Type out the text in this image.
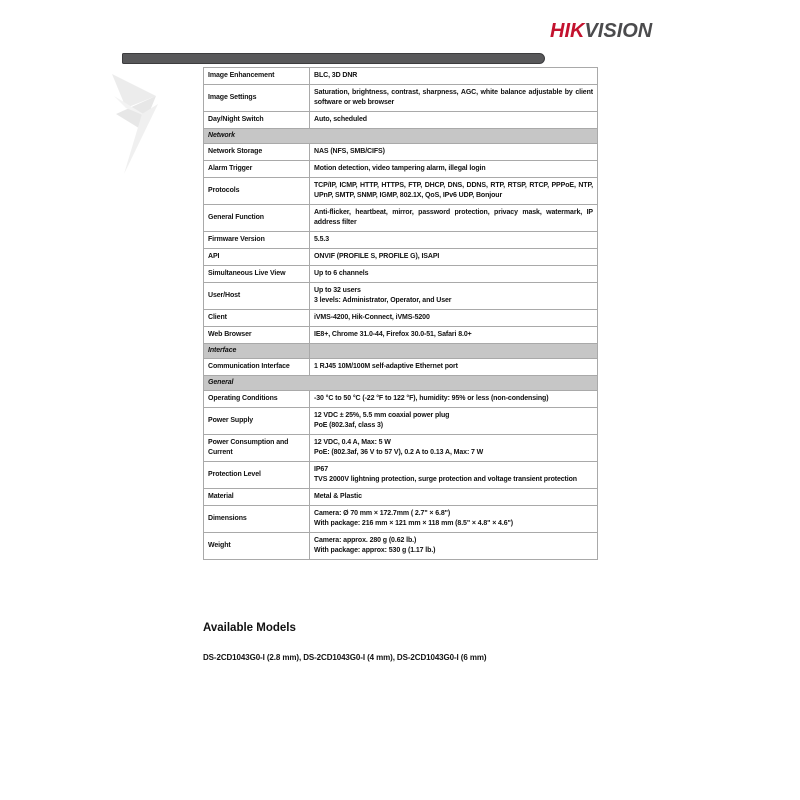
HIKVISION
Image Enhancement	BLC, 3D DNR
Image Settings	Saturation, brightness, contrast, sharpness, AGC, white balance adjustable by client software or web browser
Day/Night Switch	Auto, scheduled
Network	
Network Storage	NAS (NFS, SMB/CIFS)
Alarm Trigger	Motion detection, video tampering alarm, illegal login
Protocols	TCP/IP, ICMP, HTTP, HTTPS, FTP, DHCP, DNS, DDNS, RTP, RTSP, RTCP, PPPoE, NTP, UPnP, SMTP, SNMP, IGMP, 802.1X, QoS, IPv6 UDP, Bonjour
General Function	Anti-flicker, heartbeat, mirror, password protection, privacy mask, watermark, IP address filter
Firmware Version	5.5.3
API	ONVIF (PROFILE S, PROFILE G), ISAPI
Simultaneous Live View	Up to 6 channels
User/Host	Up to 32 users
3 levels: Administrator, Operator, and User
Client	iVMS-4200, Hik-Connect, iVMS-5200
Web Browser	IE8+, Chrome 31.0-44, Firefox 30.0-51, Safari 8.0+
Interface	
Communication Interface	1 RJ45 10M/100M self-adaptive Ethernet port
General	
Operating Conditions	-30 °C to 50 °C (-22 °F to 122 °F), humidity: 95% or less (non-condensing)
Power Supply	12 VDC ± 25%, 5.5 mm coaxial power plug
PoE (802.3af, class 3)
Power Consumption and Current	12 VDC, 0.4 A, Max: 5 W
PoE: (802.3af, 36 V to 57 V), 0.2 A to 0.13 A, Max: 7 W
Protection Level	IP67
TVS 2000V lightning protection, surge protection and voltage transient protection
Material	Metal & Plastic
Dimensions	Camera: Ø 70 mm × 172.7mm ( 2.7" × 6.8")
With package: 216 mm × 121 mm × 118 mm (8.5" × 4.8" × 4.6")
Weight	Camera: approx. 280 g (0.62 lb.)
With package: approx: 530 g (1.17 lb.)
Available Models
DS-2CD1043G0-I (2.8 mm), DS-2CD1043G0-I (4 mm), DS-2CD1043G0-I (6 mm)
